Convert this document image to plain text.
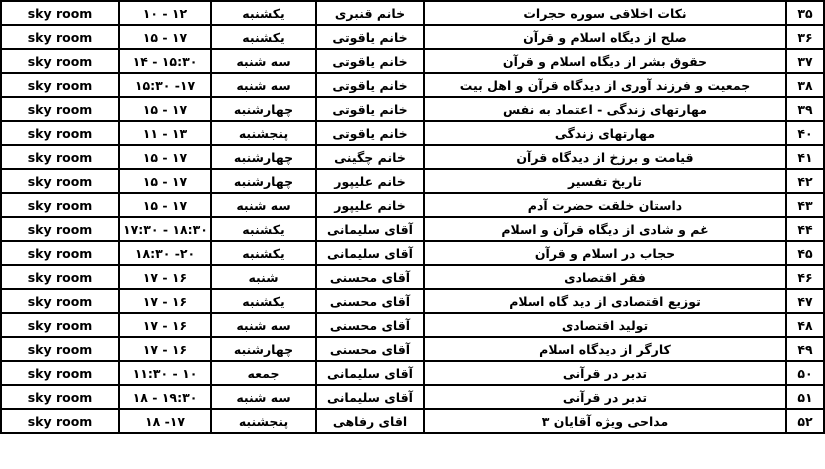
۳۵	نکات اخلاقی سوره حجرات	خانم قنبری	یکشنبه	۱۰ - ۱۲	sky room
۳۶	صلح از دیگاه اسلام و قرآن	خانم یاقوتی	یکشنبه	۱۵ - ۱۷	sky room
۳۷	حقوق بشر از دیگاه اسلام و قرآن	خانم یاقوتی	سه شنبه	۱۴ - ۱۵:۳۰	sky room
۳۸	جمعیت و فرزند آوری از دیدگاه قرآن و اهل بیت	خانم یاقوتی	سه شنبه	۱۵:۳۰ -۱۷	sky room
۳۹	مهارتهای زندگی - اعتماد به نفس	خانم یاقوتی	چهارشنبه	۱۵ - ۱۷	sky room
۴۰	مهارتهای زندگی	خانم یاقوتی	پنجشنبه	۱۱ - ۱۳	sky room
۴۱	قیامت و برزخ از دیدگاه قرآن	خانم چگینی	چهارشنبه	۱۵ - ۱۷	sky room
۴۲	تاریخ تفسیر	خانم علیپور	چهارشنبه	۱۵ - ۱۷	sky room
۴۳	داستان خلقت حضرت آدم	خانم علیپور	سه شنبه	۱۵ - ۱۷	sky room
۴۴	غم و شادی از دیگاه قرآن و اسلام	آقای سلیمانی	یکشنبه	۱۷:۳۰ - ۱۸:۳۰	sky room
۴۵	حجاب در اسلام و قرآن	آقای سلیمانی	یکشنبه	۱۸:۳۰ -۲۰	sky room
۴۶	فقر اقتصادی	آقای محسنی	شنبه	۱۷ - ۱۶	sky room
۴۷	توزیع اقتصادی از دید گاه اسلام	آقای محسنی	یکشنبه	۱۷ - ۱۶	sky room
۴۸	تولید اقتصادی	آقای محسنی	سه شنبه	۱۷ - ۱۶	sky room
۴۹	کارگر از دیدگاه اسلام	آقای محسنی	چهارشنبه	۱۷ - ۱۶	sky room
۵۰	تدبر در قرآنی	آقای سلیمانی	جمعه	۱۱:۳۰ - ۱۰	sky room
۵۱	تدبر در قرآنی	آقای سلیمانی	سه شنبه	۱۸ - ۱۹:۳۰	sky room
۵۲	مداحی ویژه آقایان ۳	اقای رفاهی	پنجشنبه	۱۸ -۱۷	sky room
